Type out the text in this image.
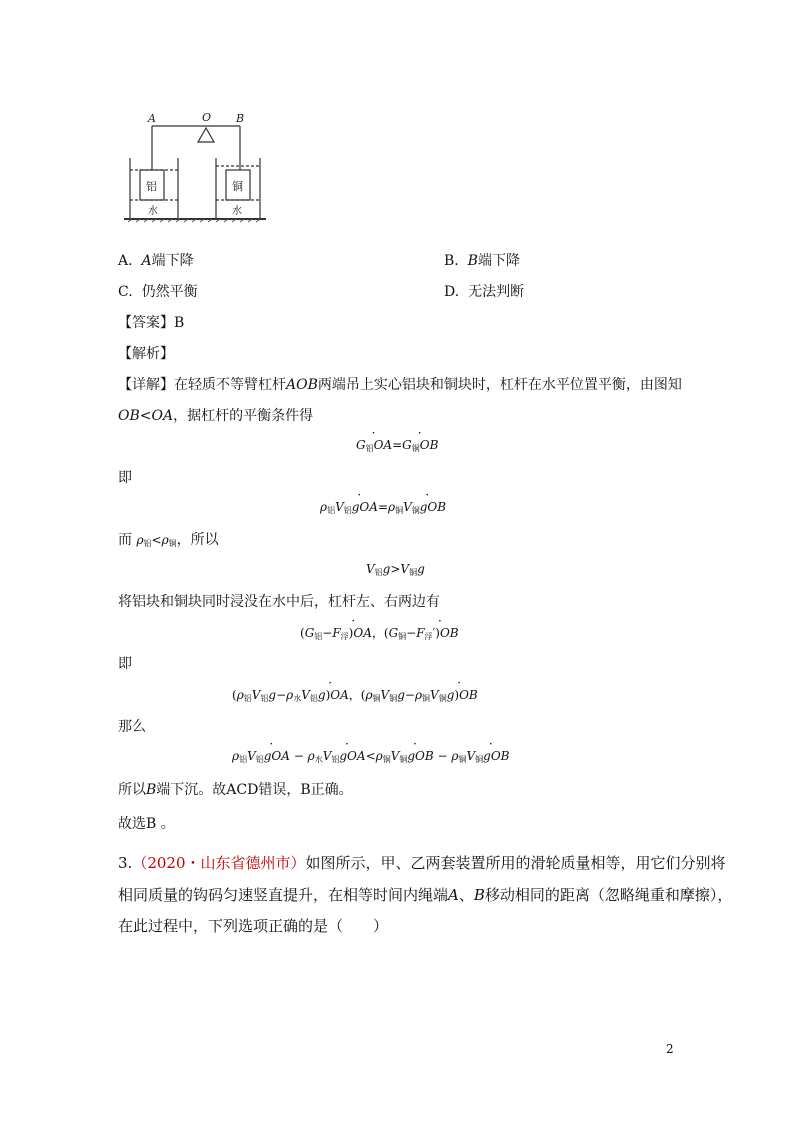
A	O B
铝	铜
水	水
A. A端下降	B. B端下降
C. 仍然平衡	D. 无法判断
【答案】B
【解析】
【详解】在轻质不等臂杠杆AOB两端吊上实心铝块和铜块时，杠杆在水平位置平衡，由图知
OB<OA，据杠杆的平衡条件得
$G_铝OA=G_铜OB$
即
$\rho_铝V_铝gOA=\rho_铜V_铜gOB$
而 $\rho_铝<\rho_铜$，所以
$V_铝g>V_铜g$
将铝块和铜块同时浸没在水中后，杠杆左、右两边有
$(G_铝-F_浮)OA$，$(G_铜-F_浮')OB$
即
$(\rho_铝V_铝g-\rho_水V_铝g)OA$，$(\rho_铜V_铜g-\rho_铜V_铜g)OB$
那么
$\rho_铝V_铝gOA - \rho_水V_铝gOA<\rho_铜V_铜gOB - \rho_铜V_铜gOB$
所以B端下沉。故ACD错误，B正确。
故选B 。
3.（2020・山东省德州市）如图所示，甲、乙两套装置所用的滑轮质量相等，用它们分别将
相同质量的钩码匀速竖直提升，在相等时间内绳端A、B移动相同的距离（忽略绳重和摩擦），
在此过程中，下列选项正确的是（　　）
2
